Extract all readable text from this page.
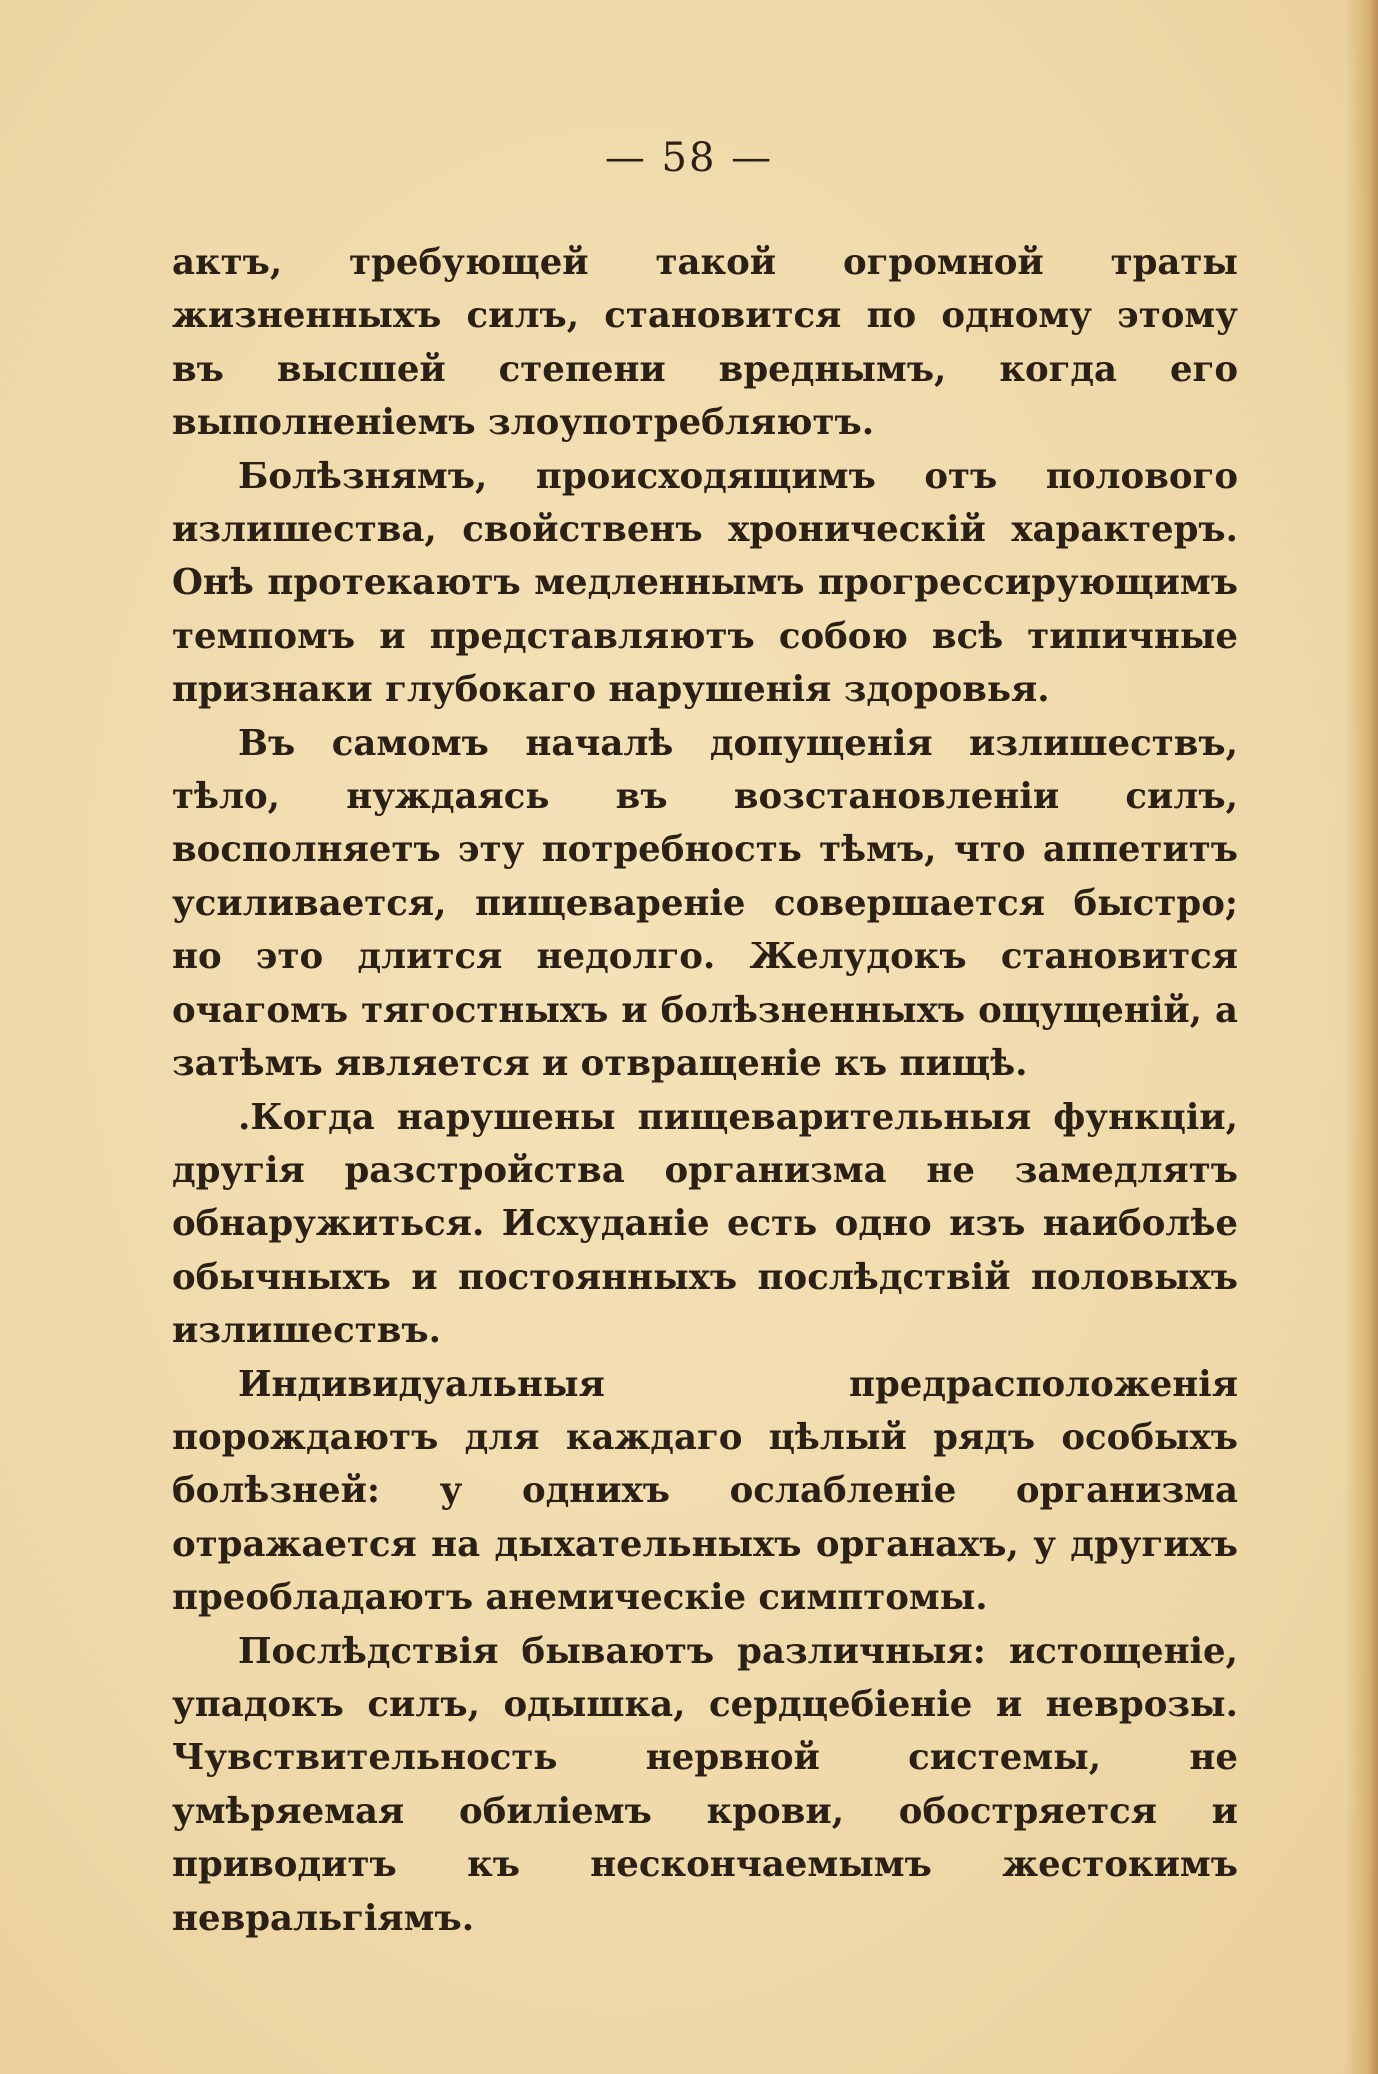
— 58 —

актъ, требующей такой огромной траты жизненныхъ силъ, становится по одному этому въ высшей степени вреднымъ, когда его выполненіемъ злоупотребляютъ.

Болѣзнямъ, происходящимъ отъ полового излишества, свойственъ хроническій характеръ. Онѣ протекаютъ медленнымъ прогрессирующимъ темпомъ и представляютъ собою всѣ типичные признаки глубокаго нарушенія здоровья.

Въ самомъ началѣ допущенія излишествъ, тѣло, нуждаясь въ возстановленіи силъ, восполняетъ эту потребность тѣмъ, что аппетитъ усиливается, пищевареніе совершается быстро; но это длится недолго. Желудокъ становится очагомъ тягостныхъ и болѣзненныхъ ощущеній, а затѣмъ является и отвращеніе къ пищѣ.

.Когда нарушены пищеварительныя функціи, другія разстройства организма не замедлятъ обнаружиться. Исхуданіе есть одно изъ наиболѣе обычныхъ и постоянныхъ послѣдствій половыхъ излишествъ.

Индивидуальныя предрасположенія порождаютъ для каждаго цѣлый рядъ особыхъ болѣзней: у однихъ ослабленіе организма отражается на дыхательныхъ органахъ, у другихъ преобладаютъ анемическіе симптомы.

Послѣдствія бываютъ различныя: истощеніе, упадокъ силъ, одышка, сердцебіеніе и неврозы. Чувствительность нервной системы, не умѣряемая обиліемъ крови, обостряется и приводитъ къ нескончаемымъ жестокимъ невральгіямъ.
